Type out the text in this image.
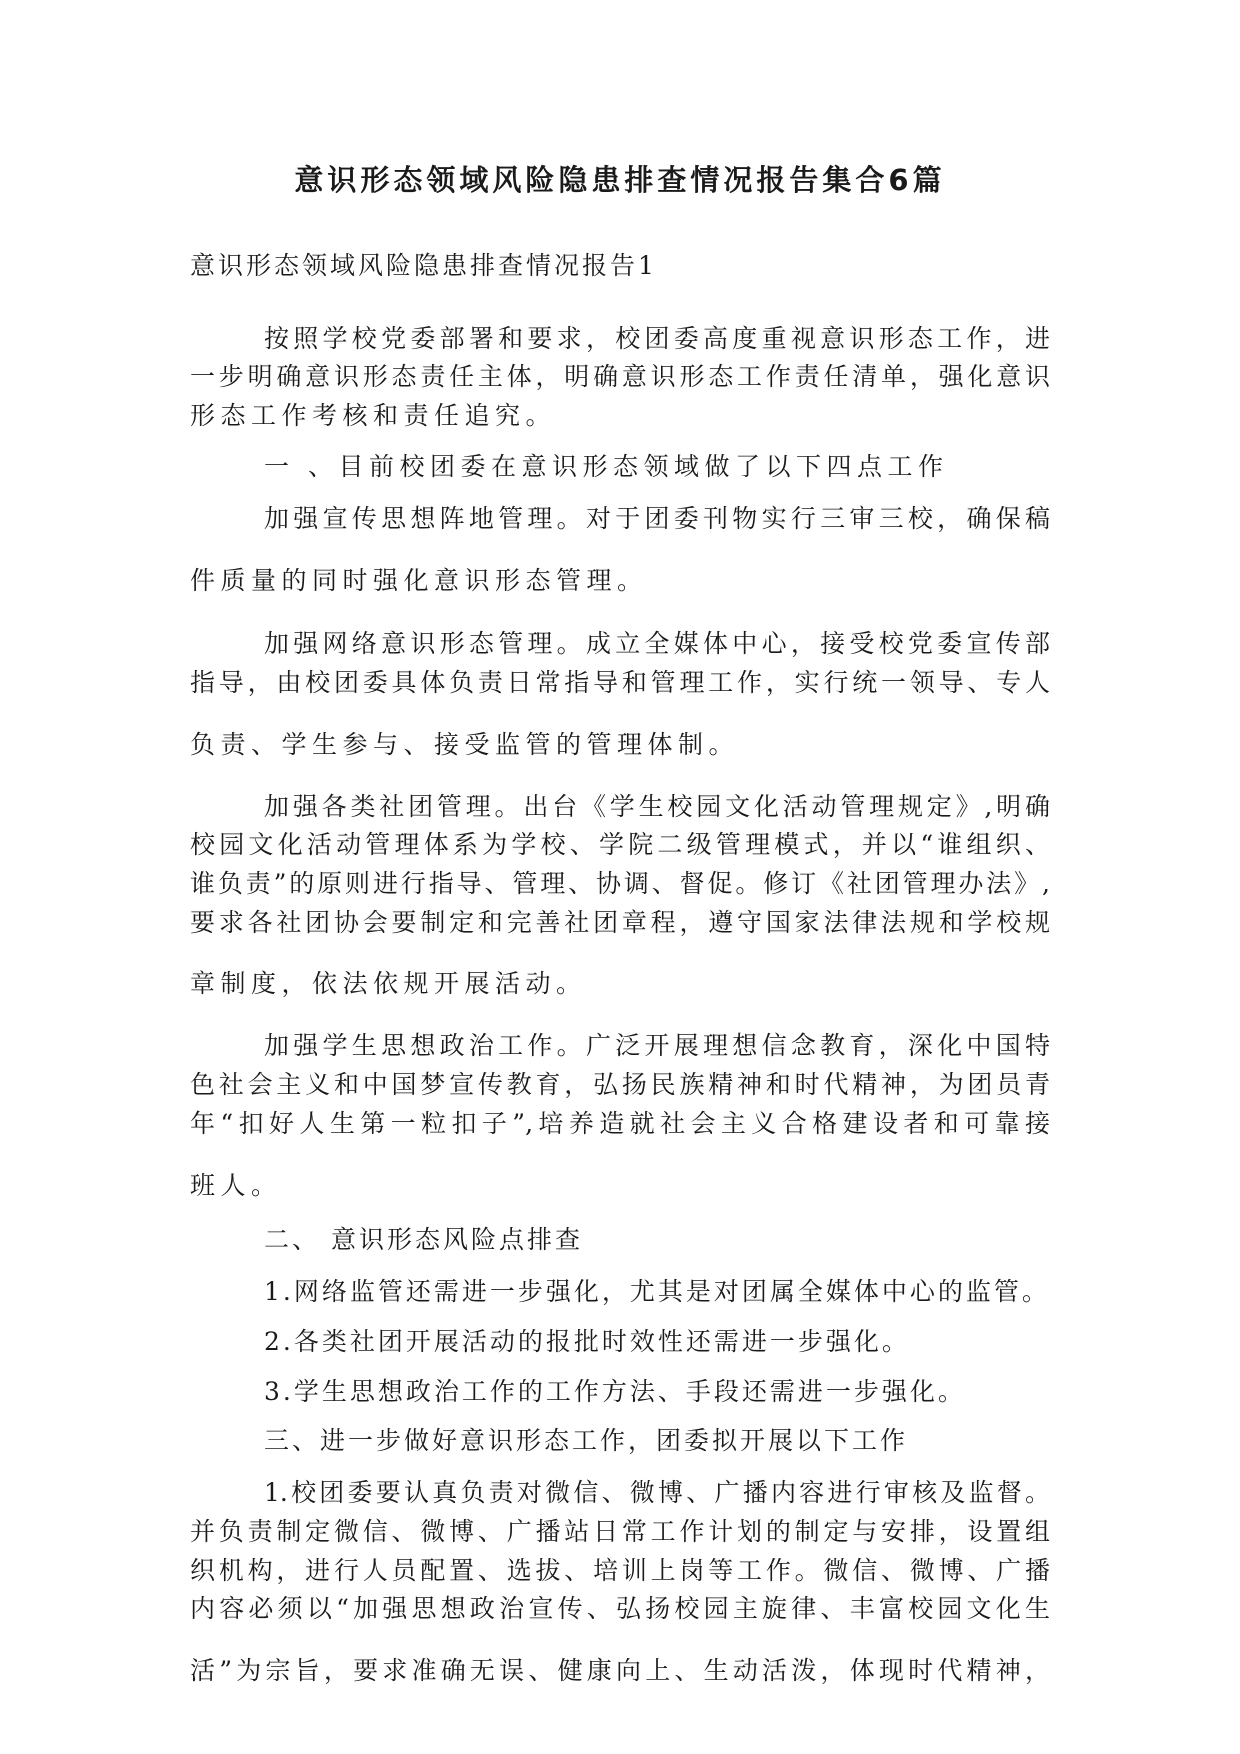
意识形态领域风险隐患排查情况报告集合6篇

意识形态领域风险隐患排查情况报告1

按照学校党委部署和要求，校团委高度重视意识形态工作，进

一步明确意识形态责任主体，明确意识形态工作责任清单，强化意识

形态工作考核和责任追究。

一 、目前校团委在意识形态领域做了以下四点工作

加强宣传思想阵地管理。对于团委刊物实行三审三校，确保稿

件质量的同时强化意识形态管理。

加强网络意识形态管理。成立全媒体中心，接受校党委宣传部

指导，由校团委具体负责日常指导和管理工作，实行统一领导、专人

负责、学生参与、接受监管的管理体制。

加强各类社团管理。出台《学生校园文化活动管理规定》,明确

校园文化活动管理体系为学校、学院二级管理模式，并以“谁组织、

谁负责”的原则进行指导、管理、协调、督促。修订《社团管理办法》,

要求各社团协会要制定和完善社团章程，遵守国家法律法规和学校规

章制度，依法依规开展活动。

加强学生思想政治工作。广泛开展理想信念教育，深化中国特

色社会主义和中国梦宣传教育，弘扬民族精神和时代精神，为团员青

年“扣好人生第一粒扣子”,培养造就社会主义合格建设者和可靠接

班人。

二、 意识形态风险点排查

1.网络监管还需进一步强化，尤其是对团属全媒体中心的监管。

2.各类社团开展活动的报批时效性还需进一步强化。

3.学生思想政治工作的工作方法、手段还需进一步强化。

三、进一步做好意识形态工作，团委拟开展以下工作

1.校团委要认真负责对微信、微博、广播内容进行审核及监督。

并负责制定微信、微博、广播站日常工作计划的制定与安排，设置组

织机构，进行人员配置、选拔、培训上岗等工作。微信、微博、广播

内容必须以“加强思想政治宣传、弘扬校园主旋律、丰富校园文化生

活”为宗旨，要求准确无误、健康向上、生动活泼，体现时代精神，
